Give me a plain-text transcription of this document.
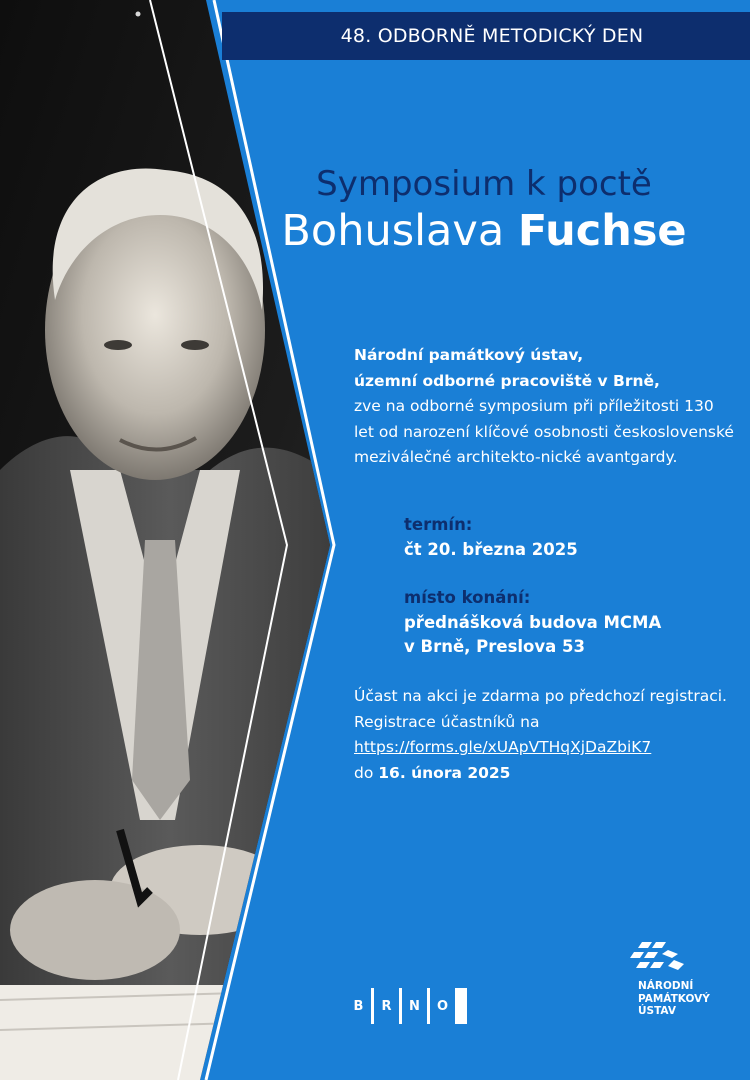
48. ODBORNĚ METODICKÝ DEN
Symposium k poctě
Bohuslava Fuchse
Národní památkový ústav,
územní odborné pracoviště v Brně,
zve na odborné symposium při příležitosti 130 let od narození klíčové osobnosti československé meziválečné architekto-nické avantgardy.
termín:
čt 20. března 2025
místo konání:
přednášková budova MCMA
v Brně, Preslova 53
Účast na akci je zdarma po předchozí registraci. Registrace účastníků na
https://forms.gle/xUApVTHqXjDaZbiK7
do 16. února 2025
B	R	N	O
NÁRODNÍ
PAMÁTKOVÝ
ÚSTAV
